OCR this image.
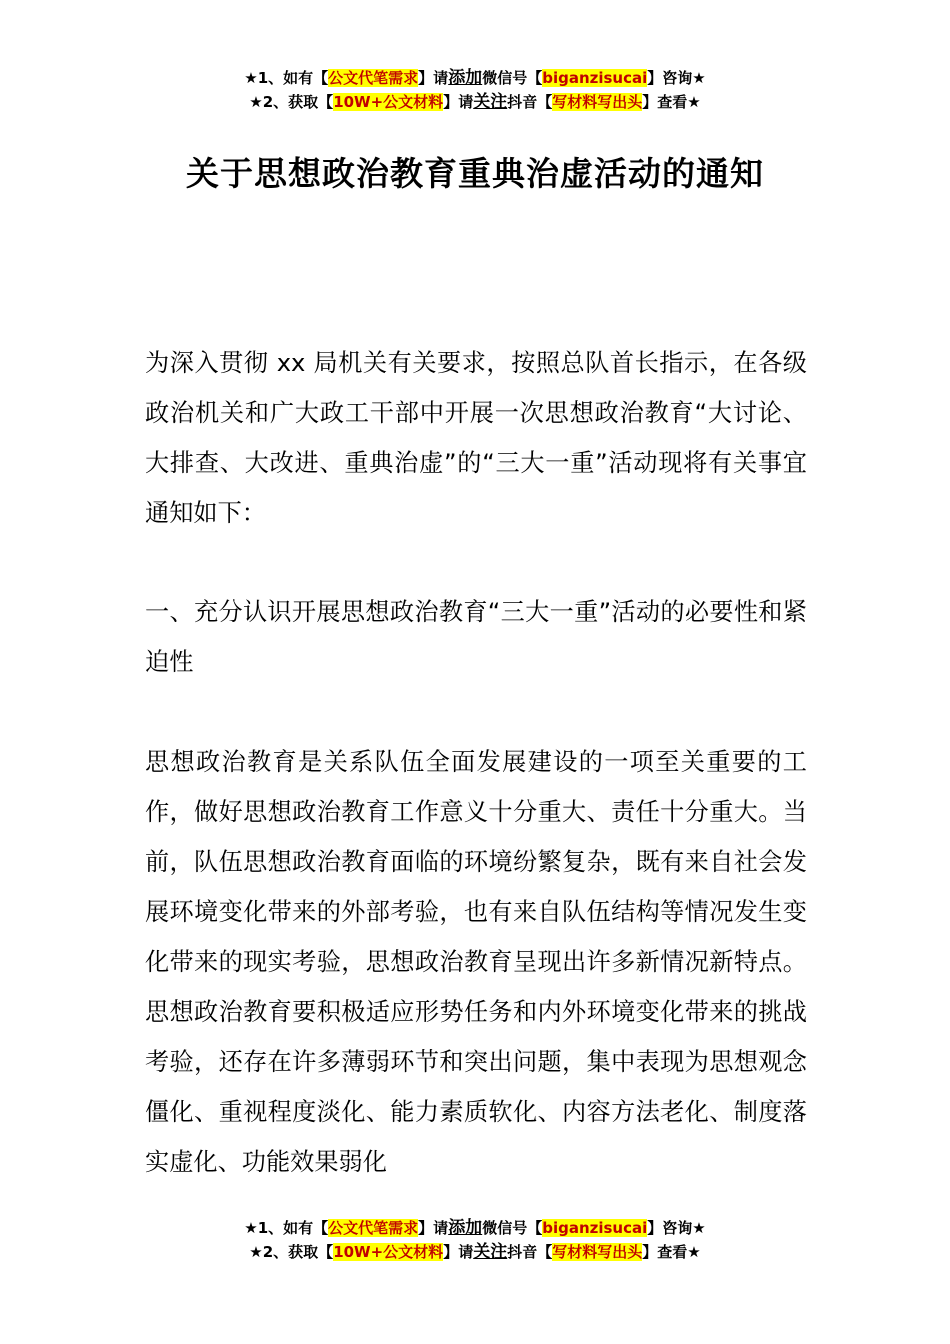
★1、如有【公文代笔需求】请添加微信号【biganzisucai】咨询★
★2、获取【10W+公文材料】请关注抖音【写材料写出头】查看★
关于思想政治教育重典治虚活动的通知

为深入贯彻 xx 局机关有关要求，按照总队首长指示，在各级政治机关和广大政工干部中开展一次思想政治教育“大讨论、大排查、大改进、重典治虚”的“三大一重”活动现将有关事宜通知如下：

一、充分认识开展思想政治教育“三大一重”活动的必要性和紧迫性

思想政治教育是关系队伍全面发展建设的一项至关重要的工作，做好思想政治教育工作意义十分重大、责任十分重大。当前，队伍思想政治教育面临的环境纷繁复杂，既有来自社会发展环境变化带来的外部考验，也有来自队伍结构等情况发生变化带来的现实考验，思想政治教育呈现出许多新情况新特点。思想政治教育要积极适应形势任务和内外环境变化带来的挑战考验，还存在许多薄弱环节和突出问题，集中表现为思想观念僵化、重视程度淡化、能力素质软化、内容方法老化、制度落实虚化、功能效果弱化

★1、如有【公文代笔需求】请添加微信号【biganzisucai】咨询★
★2、获取【10W+公文材料】请关注抖音【写材料写出头】查看★
